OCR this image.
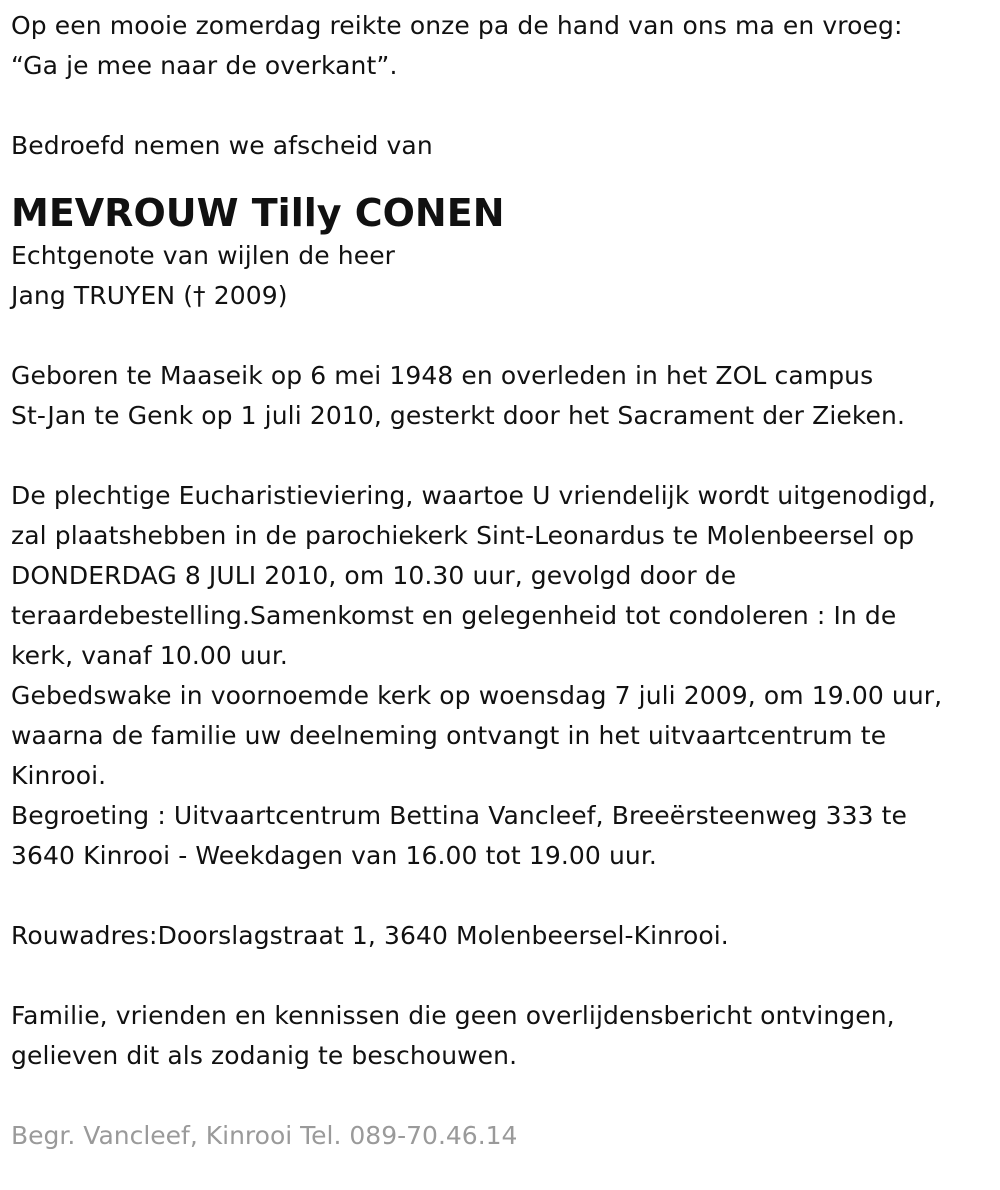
Op een mooie zomerdag reikte onze pa de hand van ons ma en vroeg:
“Ga je mee naar de overkant”.
Bedroefd nemen we afscheid van
MEVROUW Tilly CONEN
Echtgenote van wijlen de heer
Jang TRUYEN († 2009)
Geboren te Maaseik op 6 mei 1948 en overleden in het ZOL campus
St-Jan te Genk op 1 juli 2010, gesterkt door het Sacrament der Zieken.
De plechtige Eucharistieviering, waartoe U vriendelijk wordt uitgenodigd,
zal plaatshebben in de parochiekerk Sint-Leonardus te Molenbeersel op
DONDERDAG 8 JULI 2010, om 10.30 uur, gevolgd door de
teraardebestelling.Samenkomst en gelegenheid tot condoleren : In de
kerk, vanaf 10.00 uur.
Gebedswake in voornoemde kerk op woensdag 7 juli 2009, om 19.00 uur,
waarna de familie uw deelneming ontvangt in het uitvaartcentrum te
Kinrooi.
Begroeting : Uitvaartcentrum Bettina Vancleef, Breeërsteenweg 333 te
3640 Kinrooi - Weekdagen van 16.00 tot 19.00 uur.
Rouwadres:Doorslagstraat 1, 3640 Molenbeersel-Kinrooi.
Familie, vrienden en kennissen die geen overlijdensbericht ontvingen,
gelieven dit als zodanig te beschouwen.
Begr. Vancleef, Kinrooi Tel. 089-70.46.14
